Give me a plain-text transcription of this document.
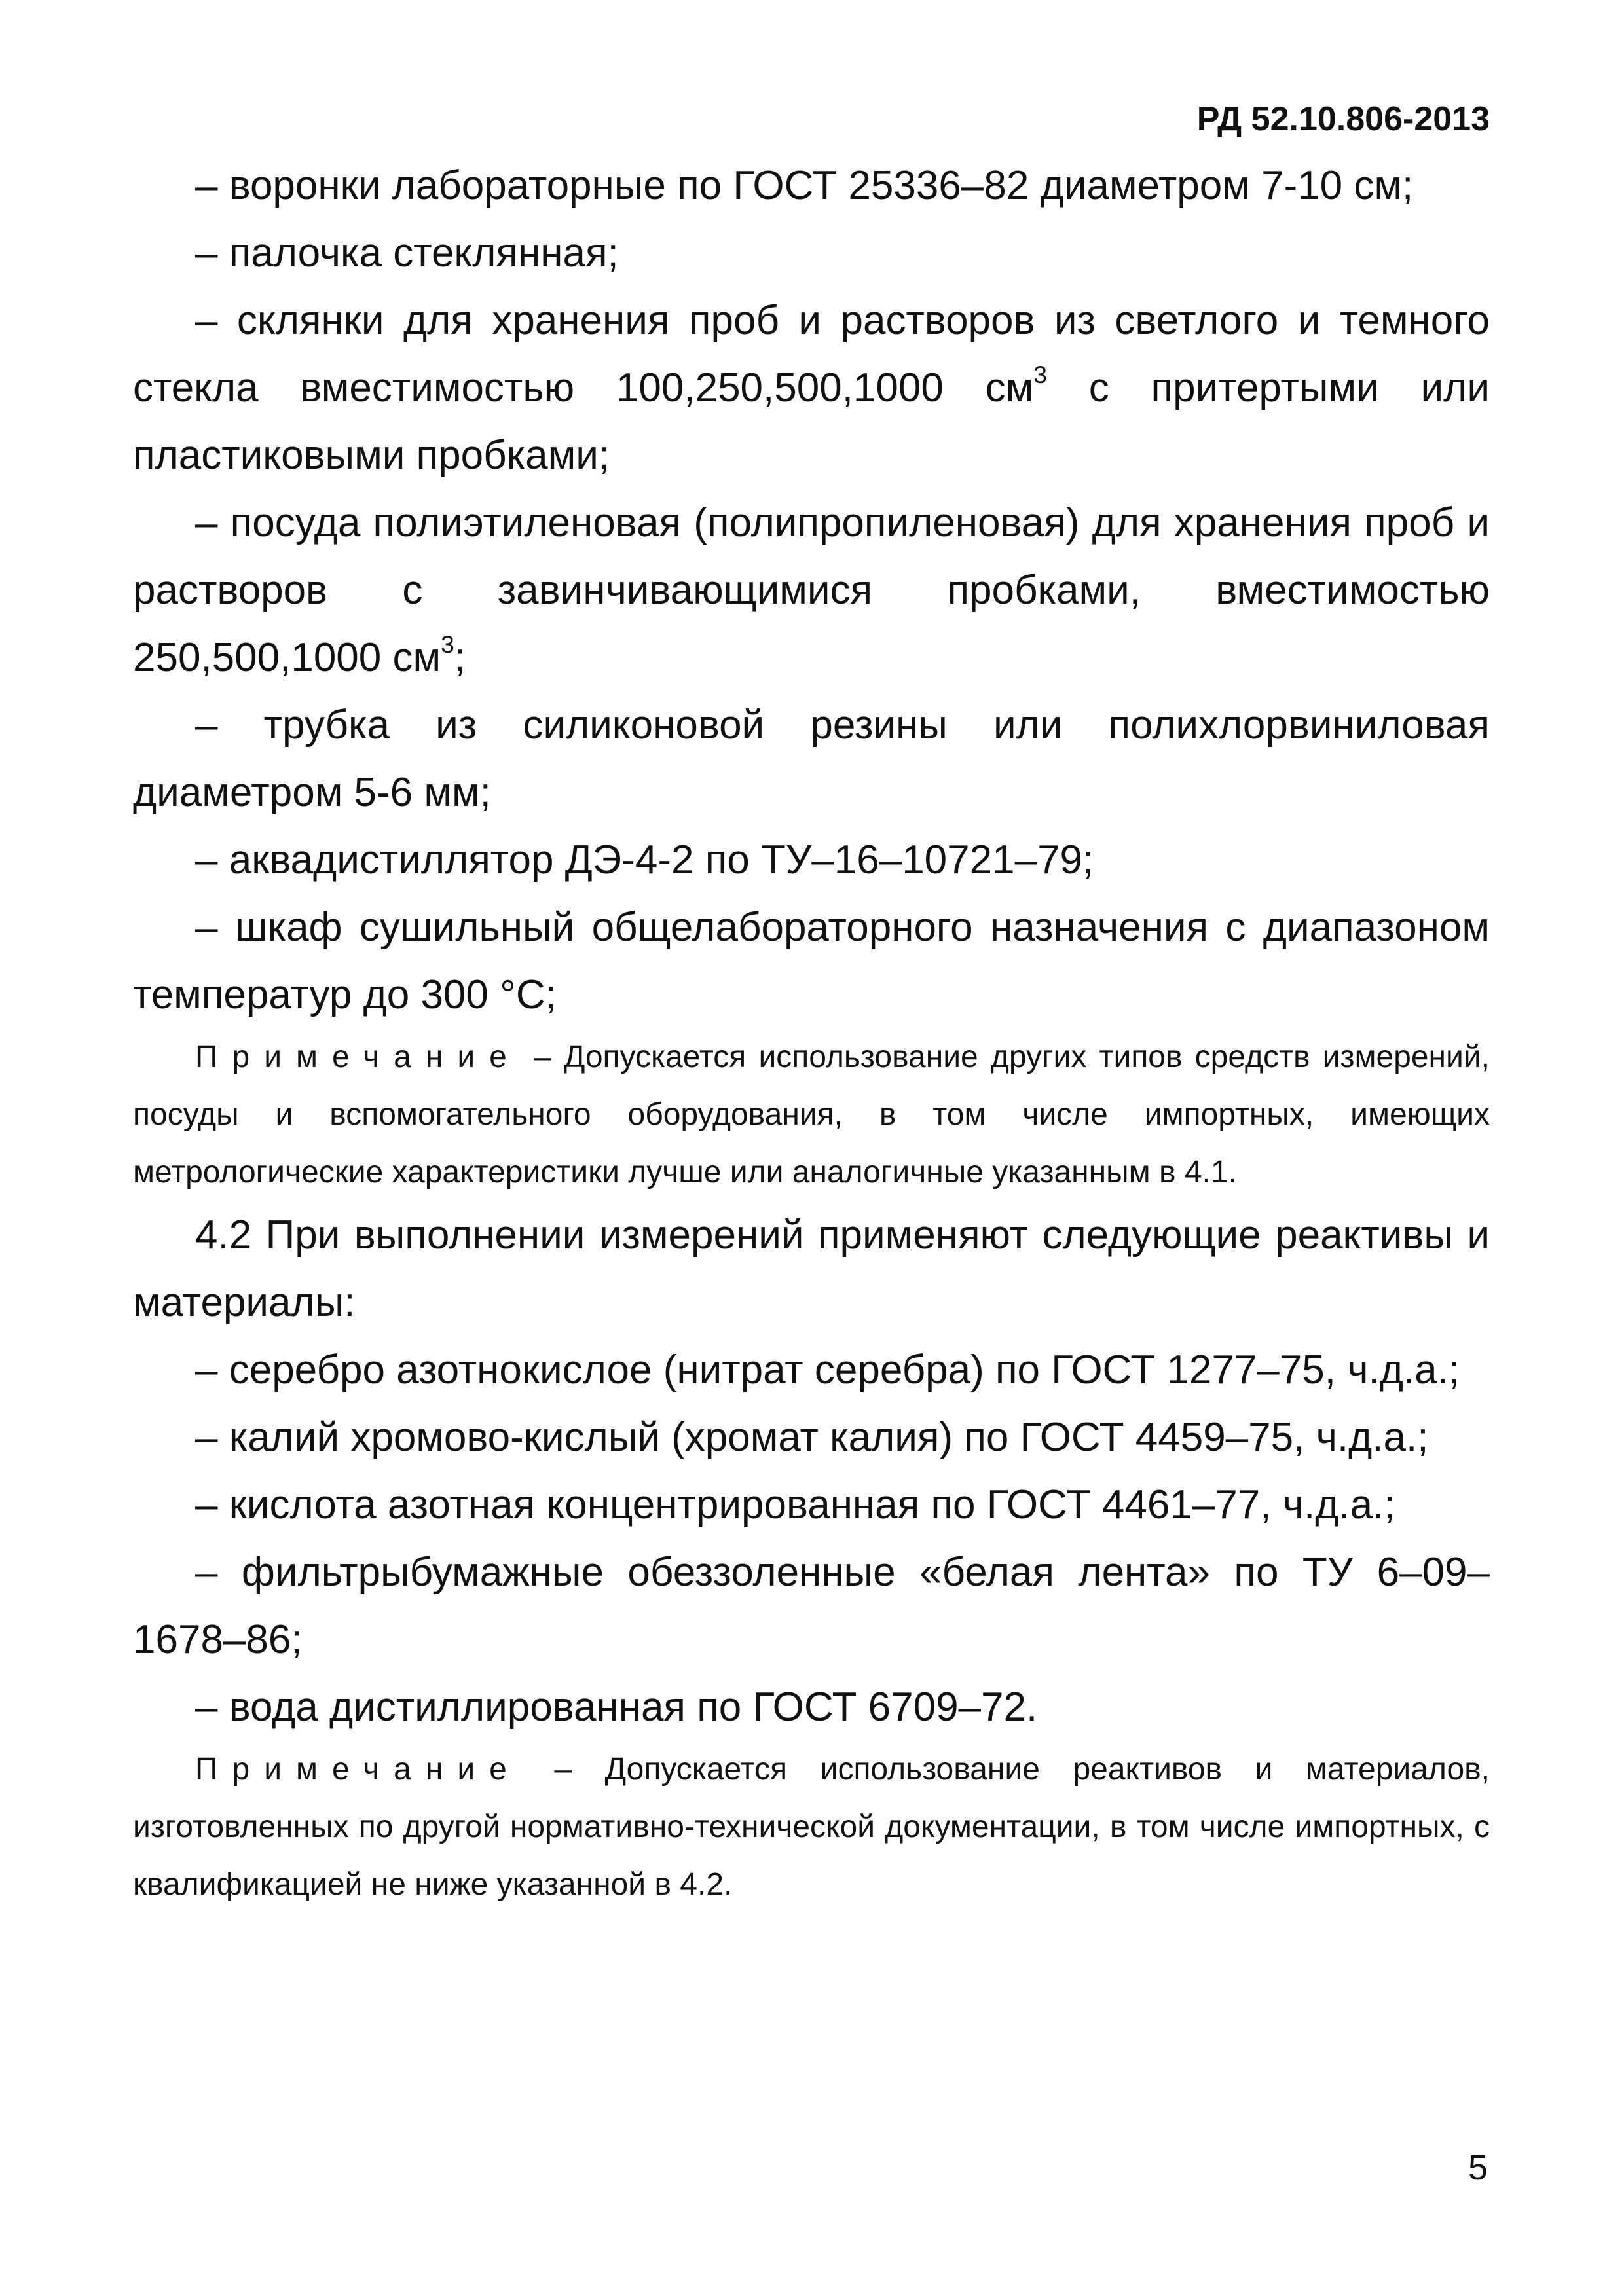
РД 52.10.806-2013

– воронки лабораторные по ГОСТ 25336–82 диаметром 7-10 см;

– палочка стеклянная;

– склянки для хранения проб и растворов из светлого и темного стекла вместимостью 100,250,500,1000 $см^3$ с притертыми или пластиковыми пробками;

– посуда полиэтиленовая (полипропиленовая) для хранения проб и растворов с завинчивающимися пробками, вместимостью 250,500,1000 $см^3$;

– трубка из силиконовой резины или полихлорвиниловая диаметром 5-6 мм;

– аквадистиллятор ДЭ-4-2 по ТУ–16–10721–79;

– шкаф сушильный общелабораторного назначения с диапазоном температур до 300 °С;

Примечание – Допускается использование других типов средств измерений, посуды и вспомогательного оборудования, в том числе импортных, имеющих метрологические характеристики лучше или аналогичные указанным в 4.1.

4.2 При выполнении измерений применяют следующие реактивы и материалы:

– серебро азотнокислое (нитрат серебра) по ГОСТ 1277–75, ч.д.а.;

– калий хромово-кислый (хромат калия) по ГОСТ 4459–75, ч.д.а.;

– кислота азотная концентрированная по ГОСТ 4461–77, ч.д.а.;

– фильтрыбумажные обеззоленные «белая лента» по ТУ 6–09–1678–86;

– вода дистиллированная по ГОСТ 6709–72.

Примечание – Допускается использование реактивов и материалов, изготовленных по другой нормативно-технической документации, в том числе импортных, с квалификацией не ниже указанной в 4.2.

5
